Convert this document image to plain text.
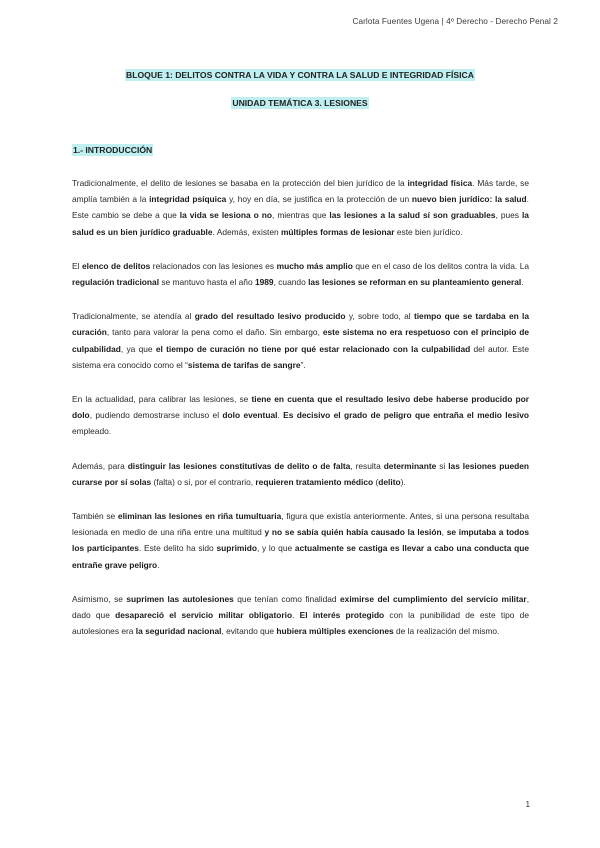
Carlota Fuentes Ugena | 4º Derecho - Derecho Penal 2
BLOQUE 1: DELITOS CONTRA LA VIDA Y CONTRA LA SALUD E INTEGRIDAD FÍSICA
UNIDAD TEMÁTICA 3. LESIONES
1.- INTRODUCCIÓN

Tradicionalmente, el delito de lesiones se basaba en la protección del bien jurídico de la integridad física. Más tarde, se amplía también a la integridad psíquica y, hoy en día, se justifica en la protección de un nuevo bien jurídico: la salud. Este cambio se debe a que la vida se lesiona o no, mientras que las lesiones a la salud sí son graduables, pues la salud es un bien jurídico graduable. Además, existen múltiples formas de lesionar este bien jurídico.

El elenco de delitos relacionados con las lesiones es mucho más amplio que en el caso de los delitos contra la vida. La regulación tradicional se mantuvo hasta el año 1989, cuando las lesiones se reforman en su planteamiento general.

Tradicionalmente, se atendía al grado del resultado lesivo producido y, sobre todo, al tiempo que se tardaba en la curación, tanto para valorar la pena como el daño. Sin embargo, este sistema no era respetuoso con el principio de culpabilidad, ya que el tiempo de curación no tiene por qué estar relacionado con la culpabilidad del autor. Este sistema era conocido como el “sistema de tarifas de sangre”.

En la actualidad, para calibrar las lesiones, se tiene en cuenta que el resultado lesivo debe haberse producido por dolo, pudiendo demostrarse incluso el dolo eventual. Es decisivo el grado de peligro que entraña el medio lesivo empleado.

Además, para distinguir las lesiones constitutivas de delito o de falta, resulta determinante si las lesiones pueden curarse por sí solas (falta) o si, por el contrario, requieren tratamiento médico (delito).

También se eliminan las lesiones en riña tumultuaria, figura que existía anteriormente. Antes, si una persona resultaba lesionada en medio de una riña entre una multitud y no se sabía quién había causado la lesión, se imputaba a todos los participantes. Este delito ha sido suprimido, y lo que actualmente se castiga es llevar a cabo una conducta que entrañe grave peligro.

Asimismo, se suprimen las autolesiones que tenían como finalidad eximirse del cumplimiento del servicio militar, dado que desapareció el servicio militar obligatorio. El interés protegido con la punibilidad de este tipo de autolesiones era la seguridad nacional, evitando que hubiera múltiples exenciones de la realización del mismo.

1
